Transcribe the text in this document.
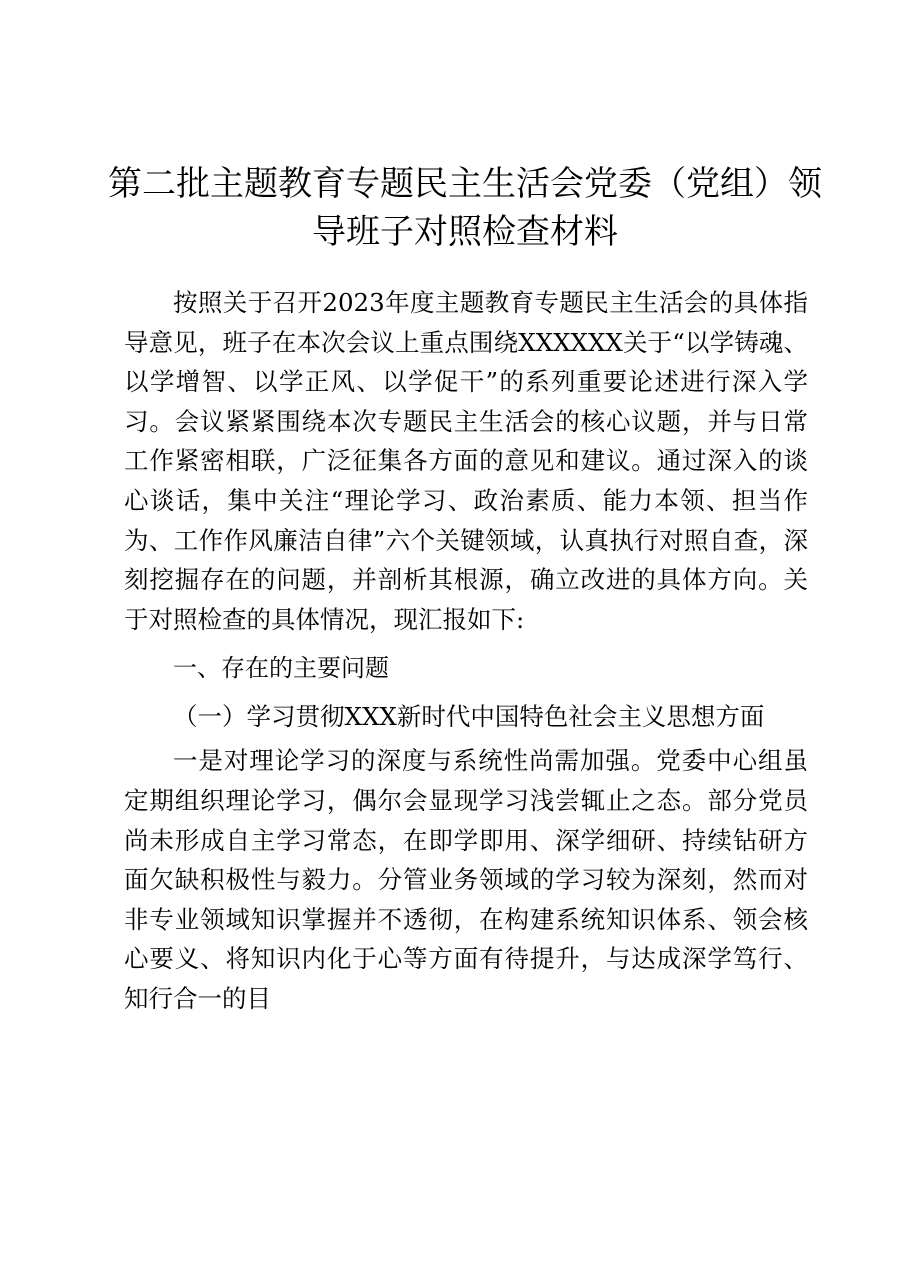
第二批主题教育专题民主生活会党委（党组）领
导班子对照检查材料

按照关于召开2023年度主题教育专题民主生活会的具体指导意见，班子在本次会议上重点围绕XXXXXX关于“以学铸魂、以学增智、以学正风、以学促干”的系列重要论述进行深入学习。会议紧紧围绕本次专题民主生活会的核心议题，并与日常工作紧密相联，广泛征集各方面的意见和建议。通过深入的谈心谈话，集中关注“理论学习、政治素质、能力本领、担当作为、工作作风廉洁自律”六个关键领域，认真执行对照自查，深刻挖掘存在的问题，并剖析其根源，确立改进的具体方向。关于对照检查的具体情况，现汇报如下:

一、存在的主要问题

（一）学习贯彻XXX新时代中国特色社会主义思想方面

一是对理论学习的深度与系统性尚需加强。党委中心组虽定期组织理论学习，偶尔会显现学习浅尝辄止之态。部分党员尚未形成自主学习常态，在即学即用、深学细研、持续钻研方面欠缺积极性与毅力。分管业务领域的学习较为深刻，然而对非专业领域知识掌握并不透彻，在构建系统知识体系、领会核心要义、将知识内化于心等方面有待提升，与达成深学笃行、知行合一的目
